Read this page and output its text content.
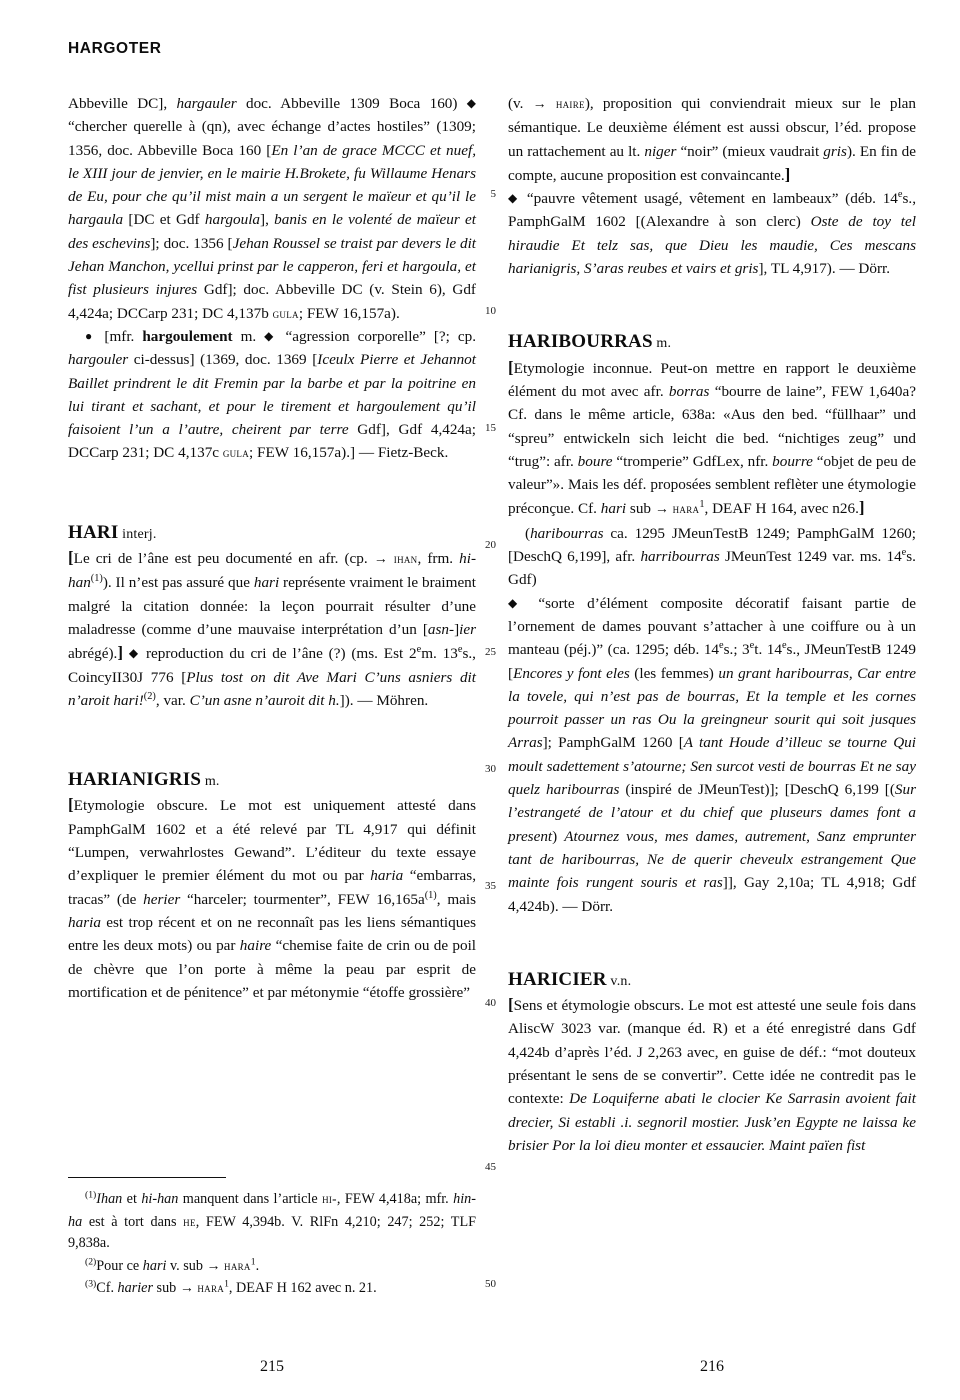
HARGOTER
5
10
15
20
25
30
35
40
45
50

Abbeville DC], hargauler doc. Abbeville 1309 Boca 160) ◆ “chercher querelle à (qn), avec échange d’actes hostiles” (1309; 1356, doc. Abbeville Boca 160 [En l’an de grace MCCC et nuef, le XIII jour de jenvier, en le mairie H.Brokete, fu Willaume Henars de Eu, pour che qu’il mist main a un sergent le maïeur et qu’il le hargaula [DC et Gdf hargoula], banis en le volenté de maïeur et des eschevins]; doc. 1356 [Jehan Roussel se traist par devers le dit Jehan Manchon, ycellui prinst par le capperon, feri et hargoula, et fist plusieurs injures Gdf]; doc. Abbeville DC (v. Stein 6), Gdf 4,424a; DCCarp 231; DC 4,137b gula; FEW 16,157a).

● [mfr. hargoulement m. ◆ “agression corporelle” [?; cp. hargouler ci-dessus] (1369, doc. 1369 [Iceulx Pierre et Jehannot Baillet prindrent le dit Fremin par la barbe et par la poitrine en lui tirant et sachant, et pour le tirement et hargoulement qu’il faisoient l’un a l’autre, cheirent par terre Gdf], Gdf 4,424a; DCCarp 231; DC 4,137c gula; FEW 16,157a).] — Fietz-Beck.

HARI interj.

[Le cri de l’âne est peu documenté en afr. (cp. → ihan, frm. hi-han$^{(1)}$). Il n’est pas assuré que hari représente vraiment le braiment malgré la citation donnée: la leçon pourrait résulter d’une maladresse (comme d’une mauvaise interprétation d’un [asn-]ier abrégé).] ◆ reproduction du cri de l’âne (?) (ms. Est 2em. 13es., CoincyII30J 776 [Plus tost on dit Ave Mari C’uns asniers dit n’aroit hari!$^{(2)}$, var. C’un asne n’auroit dit h.]). — Möhren.

HARIANIGRIS m.

[Etymologie obscure. Le mot est uniquement attesté dans PamphGalM 1602 et a été relevé par TL 4,917 qui définit “Lumpen, verwahrlostes Gewand”. L’éditeur du texte essaye d’expliquer le premier élément du mot ou par haria “embarras, tracas” (de herier “harceler; tourmenter”, FEW $16,165a^{(1)}$, mais haria est trop récent et on ne reconnaît pas les liens sémantiques entre les deux mots) ou par haire “chemise faite de crin ou de poil de chèvre que l’on porte à même la peau par esprit de mortification et de pénitence” et par métonymie “étoffe grossière”

$^{(1)}$Ihan et hi-han manquent dans l’article hi-, FEW 4,418a; mfr. hin-ha est à tort dans he, FEW 4,394b. V. RlFn 4,210; 247; 252; TLF 9,838a.

$^{(2)}$Pour ce hari v. sub → hara$^1$.

$^{(3)}$Cf. harier sub → hara$^1$, DEAF H 162 avec n. 21.

(v. → haire), proposition qui conviendrait mieux sur le plan sémantique. Le deuxième élément est aussi obscur, l’éd. propose un rattachement au lt. niger “noir” (mieux vaudrait gris). En fin de compte, aucune proposition est convaincante.]

◆ “pauvre vêtement usagé, vêtement en lambeaux” (déb. 14es., PamphGalM 1602 [(Alexandre à son clerc) Oste de toy tel hiraudie Et telz sas, que Dieu les maudie, Ces mescans harianigris, S’aras reubes et vairs et gris], TL 4,917). — Dörr.

HARIBOURRAS m.

[Etymologie inconnue. Peut-on mettre en rapport le deuxième élément du mot avec afr. borras “bourre de laine”, FEW 1,640a? Cf. dans le même article, 638a: «Aus den bed. “füllhaar” und “spreu” entwickeln sich leicht die bed. “nichtiges zeug” und “trug”: afr. boure “tromperie” GdfLex, nfr. bourre “objet de peu de valeur”». Mais les déf. proposées semblent reflèter une étymologie préconçue. Cf. hari sub → hara$^1$, DEAF H 164, avec n26.]

(haribourras ca. 1295 JMeunTestB 1249; PamphGalM 1260; [DeschQ 6,199], afr. harribourras JMeunTest 1249 var. ms. 14es. Gdf)

◆ “sorte d’élément composite décoratif faisant partie de l’ornement de dames pouvant s’attacher à une coiffure ou à un manteau (péj.)” (ca. 1295; déb. 14es.; 3et. 14es., JMeunTestB 1249 [Encores y font eles (les femmes) un grant haribourras, Car entre la tovele, qui n’est pas de bourras, Et la temple et les cornes pourroit passer un ras Ou la greingneur sourit qui soit jusques Arras]; PamphGalM 1260 [A tant Houde d’illeuc se tourne Qui moult sadettement s’atourne; Sen surcot vesti de bourras Et ne say quelz haribourras (inspiré de JMeunTest)]; [DeschQ 6,199 [(Sur l’estrangeté de l’atour et du chief que pluseurs dames font a present) Atournez vous, mes dames, autrement, Sanz emprunter tant de haribourras, Ne de querir cheveulx estrangement Que mainte fois rungent souris et ras]], Gay 2,10a; TL 4,918; Gdf 4,424b). — Dörr.

HARICIER v.n.

[Sens et étymologie obscurs. Le mot est attesté une seule fois dans AliscW 3023 var. (manque éd. R) et a été enregistré dans Gdf 4,424b d’après l’éd. J 2,263 avec, en guise de déf.: “mot douteux présentant le sens de se convertir”. Cette idée ne contredit pas le contexte: De Loquiferne abati le clocier Ke Sarrasin avoient fait drecier, Si establi .i. segnoril mostier. Jusk’en Egypte ne laissa ke brisier Por la loi dieu monter et essaucier. Maint païen fist

215	216
